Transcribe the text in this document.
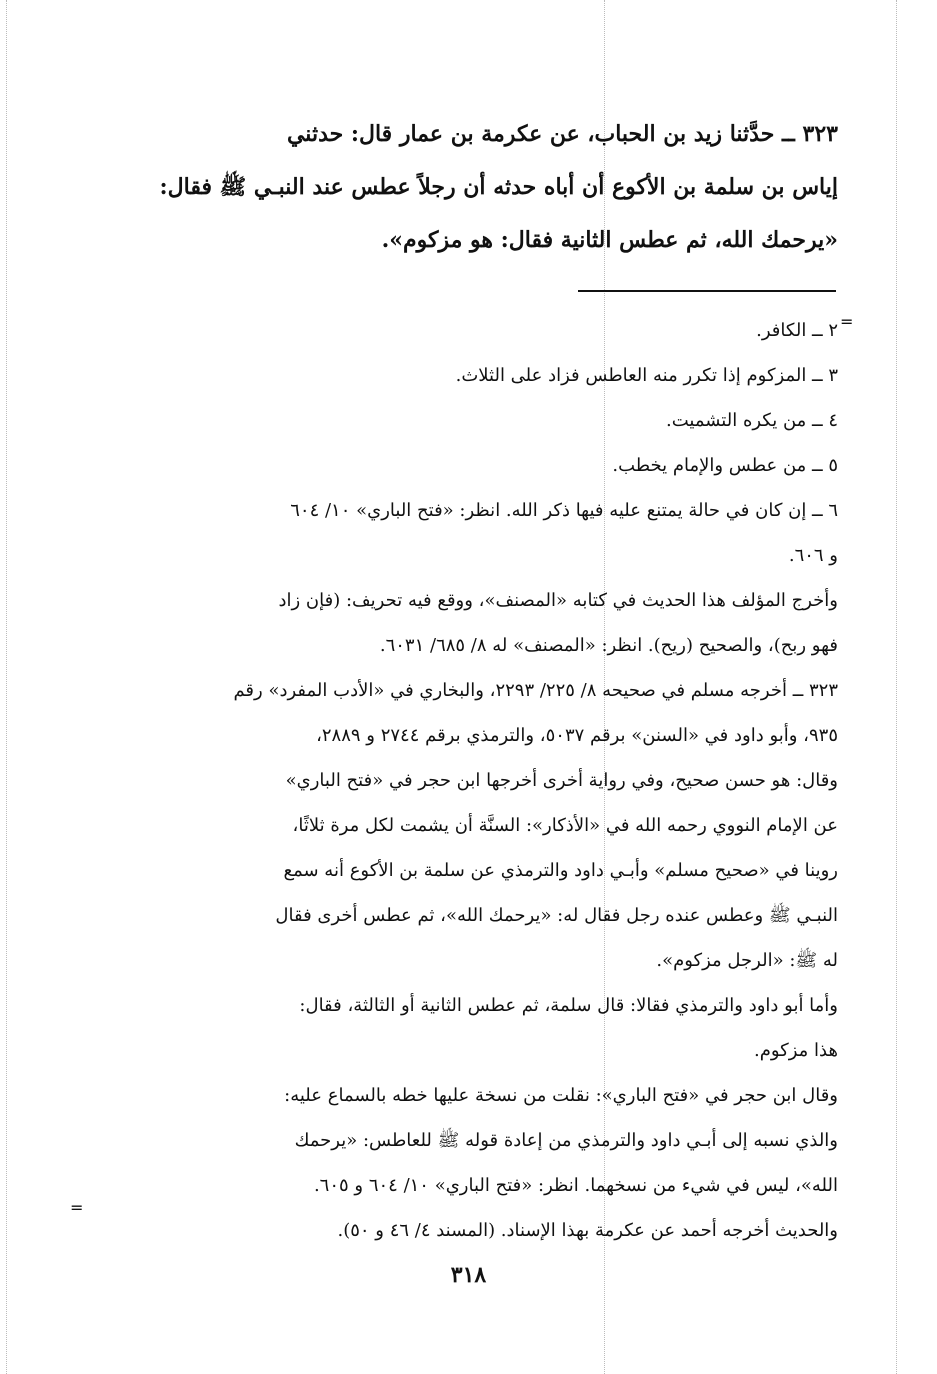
٣٢٣ ــ حدَّثنا زيد بن الحباب، عن عكرمة بن عمار قال: حدثني

إياس بن سلمة بن الأكوع أن أباه حدثه أن رجلاً عطس عند النبـي ﷺ فقال:

«يرحمك الله، ثم عطس الثانية فقال: هو مزكوم».

=

٢ ــ الكافر.

٣ ــ المزكوم إذا تكرر منه العاطس فزاد على الثلاث.

٤ ــ من يكره التشميت.

٥ ــ من عطس والإمام يخطب.

٦ ــ إن كان في حالة يمتنع عليه فيها ذكر الله. انظر: «فتح الباري» ١٠/ ٦٠٤

و ٦٠٦.

وأخرج المؤلف هذا الحديث في كتابه «المصنف»، ووقع فيه تحريف: (فإن زاد

فهو ربح)، والصحيح (ريح). انظر: «المصنف» له ٨/ ٦٨٥/ ٦٠٣١.

٣٢٣ ــ أخرجه مسلم في صحيحه ٨/ ٢٢٥/ ٢٢٩٣، والبخاري في «الأدب المفرد» رقم

٩٣٥، وأبو داود في «السنن» برقم ٥٠٣٧، والترمذي برقم ٢٧٤٤ و ٢٨٨٩،

وقال: هو حسن صحيح، وفي رواية أخرى أخرجها ابن حجر في «فتح الباري»

عن الإمام النووي رحمه الله في «الأذكار»: السنَّة أن يشمت لكل مرة ثلاثًا،

روينا في «صحيح مسلم» وأبـي داود والترمذي عن سلمة بن الأكوع أنه سمع

النبـي ﷺ وعطس عنده رجل فقال له: «يرحمك الله»، ثم عطس أخرى فقال

له ﷺ: «الرجل مزكوم».

وأما أبو داود والترمذي فقالا: قال سلمة، ثم عطس الثانية أو الثالثة، فقال:

هذا مزكوم.

وقال ابن حجر في «فتح الباري»: نقلت من نسخة عليها خطه بالسماع عليه:

والذي نسبه إلى أبـي داود والترمذي من إعادة قوله ﷺ للعاطس: «يرحمك

الله»، ليس في شيء من نسخهما. انظر: «فتح الباري» ١٠/ ٦٠٤ و ٦٠٥.

والحديث أخرجه أحمد عن عكرمة بهذا الإسناد. (المسند ٤/ ٤٦ و ٥٠).

=
٣١٨
